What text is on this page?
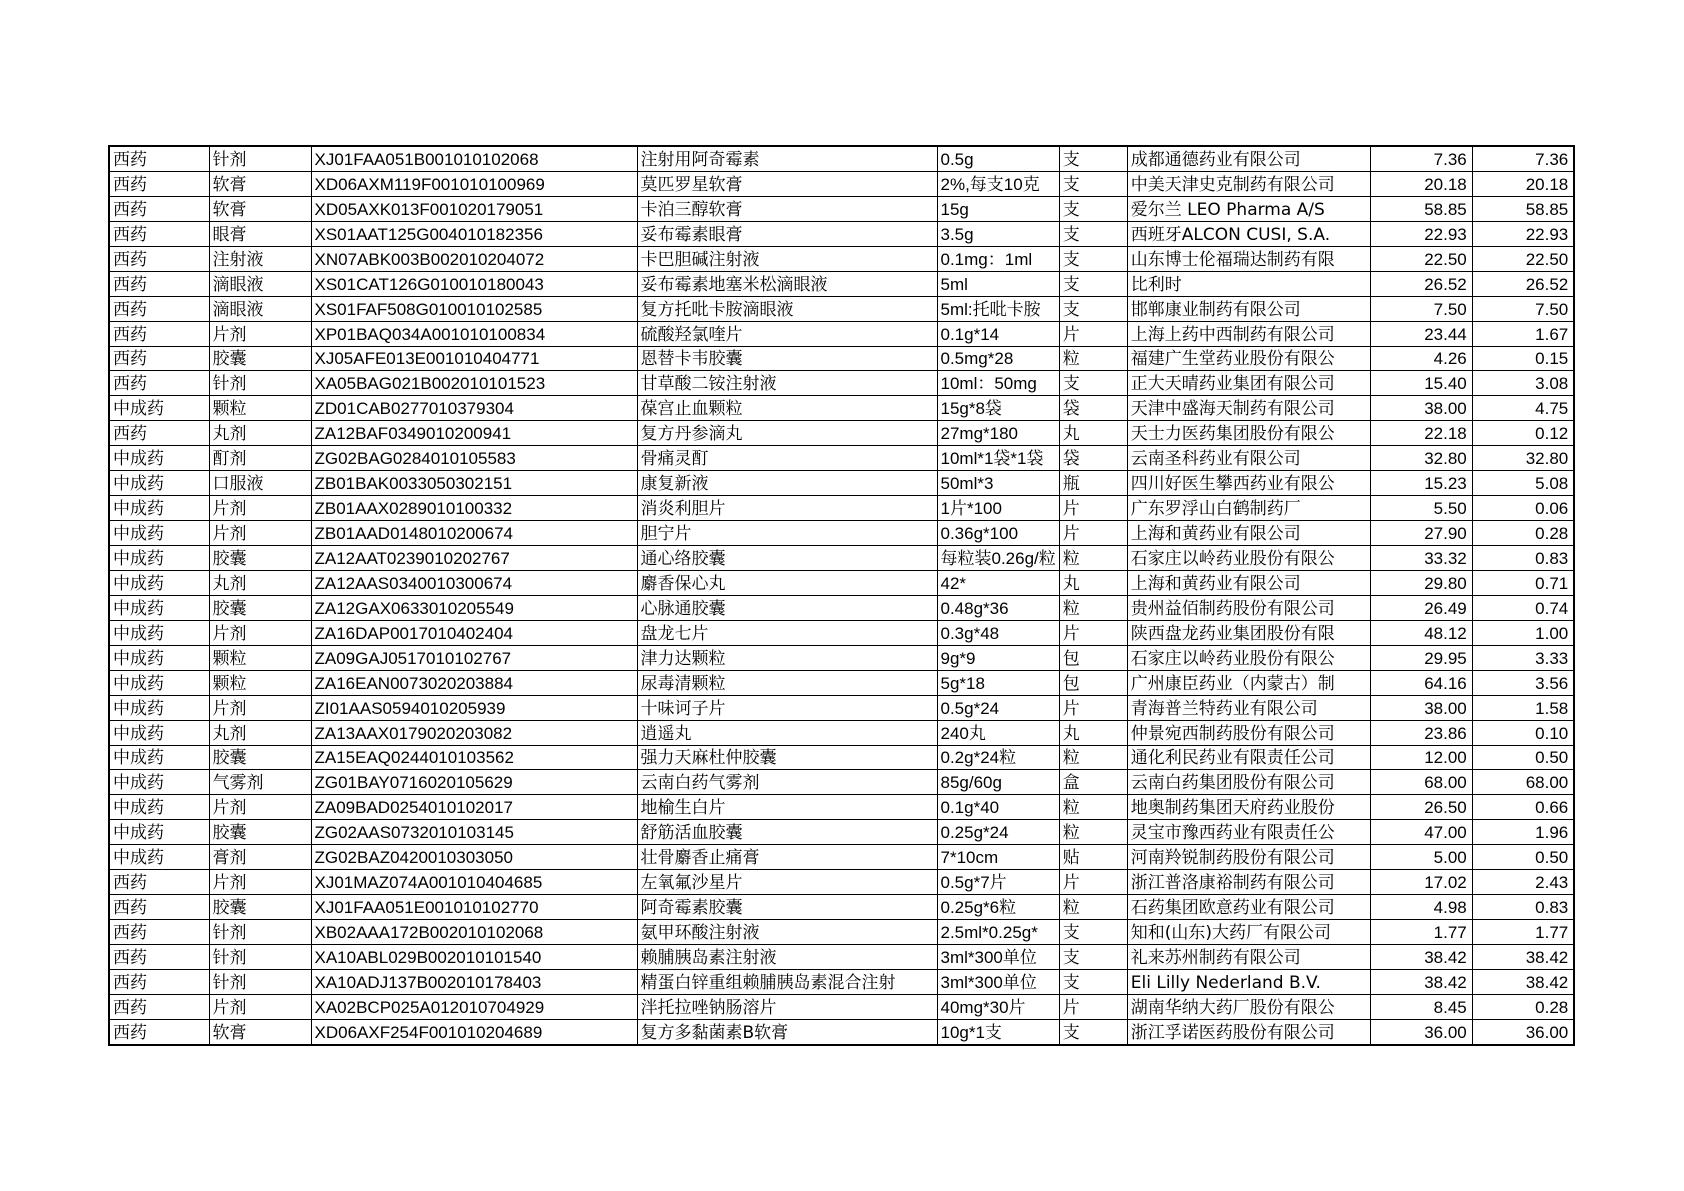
西药	针剂	XJ01FAA051B001010102068	注射用阿奇霉素	0.5g	支	成都通德药业有限公司	7.36	7.36
西药	软膏	XD06AXM119F001010100969	莫匹罗星软膏	2%,每支10克	支	中美天津史克制药有限公司	20.18	20.18
西药	软膏	XD05AXK013F001020179051	卡泊三醇软膏	15g	支	爱尔兰 LEO Pharma A/S	58.85	58.85
西药	眼膏	XS01AAT125G004010182356	妥布霉素眼膏	3.5g	支	西班牙ALCON CUSI, S.A.	22.93	22.93
西药	注射液	XN07ABK003B002010204072	卡巴胆碱注射液	0.1mg：1ml	支	山东博士伦福瑞达制药有限	22.50	22.50
西药	滴眼液	XS01CAT126G010010180043	妥布霉素地塞米松滴眼液	5ml	支	比利时	26.52	26.52
西药	滴眼液	XS01FAF508G010010102585	复方托吡卡胺滴眼液	5ml:托吡卡胺	支	邯郸康业制药有限公司	7.50	7.50
西药	片剂	XP01BAQ034A001010100834	硫酸羟氯喹片	0.1g*14	片	上海上药中西制药有限公司	23.44	1.67
西药	胶囊	XJ05AFE013E001010404771	恩替卡韦胶囊	0.5mg*28	粒	福建广生堂药业股份有限公	4.26	0.15
西药	针剂	XA05BAG021B002010101523	甘草酸二铵注射液	10ml：50mg	支	正大天晴药业集团有限公司	15.40	3.08
中成药	颗粒	ZD01CAB0277010379304	葆宫止血颗粒	15g*8袋	袋	天津中盛海天制药有限公司	38.00	4.75
西药	丸剂	ZA12BAF0349010200941	复方丹参滴丸	27mg*180	丸	天士力医药集团股份有限公	22.18	0.12
中成药	酊剂	ZG02BAG0284010105583	骨痛灵酊	10ml*1袋*1袋	袋	云南圣科药业有限公司	32.80	32.80
中成药	口服液	ZB01BAK0033050302151	康复新液	50ml*3	瓶	四川好医生攀西药业有限公	15.23	5.08
中成药	片剂	ZB01AAX0289010100332	消炎利胆片	1片*100	片	广东罗浮山白鹤制药厂	5.50	0.06
中成药	片剂	ZB01AAD0148010200674	胆宁片	0.36g*100	片	上海和黄药业有限公司	27.90	0.28
中成药	胶囊	ZA12AAT0239010202767	通心络胶囊	每粒装0.26g/粒	粒	石家庄以岭药业股份有限公	33.32	0.83
中成药	丸剂	ZA12AAS0340010300674	麝香保心丸	42*	丸	上海和黄药业有限公司	29.80	0.71
中成药	胶囊	ZA12GAX0633010205549	心脉通胶囊	0.48g*36	粒	贵州益佰制药股份有限公司	26.49	0.74
中成药	片剂	ZA16DAP0017010402404	盘龙七片	0.3g*48	片	陕西盘龙药业集团股份有限	48.12	1.00
中成药	颗粒	ZA09GAJ0517010102767	津力达颗粒	9g*9	包	石家庄以岭药业股份有限公	29.95	3.33
中成药	颗粒	ZA16EAN0073020203884	尿毒清颗粒	5g*18	包	广州康臣药业（内蒙古）制	64.16	3.56
中成药	片剂	ZI01AAS0594010205939	十味诃子片	0.5g*24	片	青海普兰特药业有限公司	38.00	1.58
中成药	丸剂	ZA13AAX0179020203082	逍遥丸	240丸	丸	仲景宛西制药股份有限公司	23.86	0.10
中成药	胶囊	ZA15EAQ0244010103562	强力天麻杜仲胶囊	0.2g*24粒	粒	通化利民药业有限责任公司	12.00	0.50
中成药	气雾剂	ZG01BAY0716020105629	云南白药气雾剂	85g/60g	盒	云南白药集团股份有限公司	68.00	68.00
中成药	片剂	ZA09BAD0254010102017	地榆生白片	0.1g*40	粒	地奥制药集团天府药业股份	26.50	0.66
中成药	胶囊	ZG02AAS0732010103145	舒筋活血胶囊	0.25g*24	粒	灵宝市豫西药业有限责任公	47.00	1.96
中成药	膏剂	ZG02BAZ0420010303050	壮骨麝香止痛膏	7*10cm	贴	河南羚锐制药股份有限公司	5.00	0.50
西药	片剂	XJ01MAZ074A001010404685	左氧氟沙星片	0.5g*7片	片	浙江普洛康裕制药有限公司	17.02	2.43
西药	胶囊	XJ01FAA051E001010102770	阿奇霉素胶囊	0.25g*6粒	粒	石药集团欧意药业有限公司	4.98	0.83
西药	针剂	XB02AAA172B002010102068	氨甲环酸注射液	2.5ml*0.25g*	支	知和(山东)大药厂有限公司	1.77	1.77
西药	针剂	XA10ABL029B002010101540	赖脯胰岛素注射液	3ml*300单位	支	礼来苏州制药有限公司	38.42	38.42
西药	针剂	XA10ADJ137B002010178403	精蛋白锌重组赖脯胰岛素混合注射	3ml*300单位	支	Eli Lilly Nederland B.V.	38.42	38.42
西药	片剂	XA02BCP025A012010704929	泮托拉唑钠肠溶片	40mg*30片	片	湖南华纳大药厂股份有限公	8.45	0.28
西药	软膏	XD06AXF254F001010204689	复方多黏菌素B软膏	10g*1支	支	浙江孚诺医药股份有限公司	36.00	36.00
